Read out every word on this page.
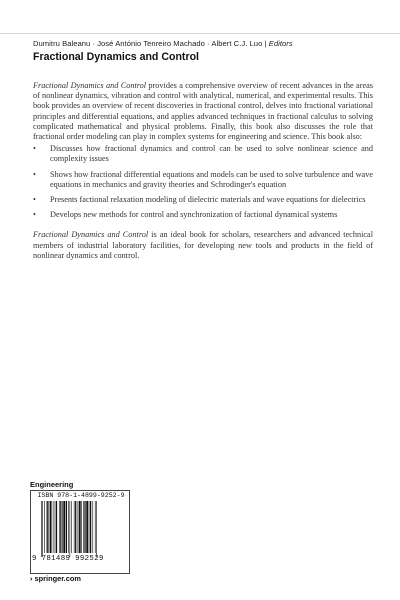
Dumitru Baleanu · José António Tenreiro Machado · Albert C.J. Luo | Editors
Fractional Dynamics and Control

Fractional Dynamics and Control provides a comprehensive overview of recent advances in the areas of nonlinear dynamics, vibration and control with analytical, numerical, and experimental results. This book provides an overview of recent discoveries in fractional control, delves into fractional variational principles and differential equations, and applies advanced techniques in fractional calculus to solving complicated mathematical and physical problems. Finally, this book also discusses the role that fractional order modeling can play in complex systems for engineering and science. This book also:

•	Discusses how fractional dynamics and control can be used to solve nonlinear science and complexity issues
•	Shows how fractional differential equations and models can be used to solve turbulence and wave equations in mechanics and gravity theories and Schrodinger's equation
•	Presents factional relaxation modeling of dielectric materials and wave equations for dielectrics
•	Develops new methods for control and synchronization of factional dynamical systems

Fractional Dynamics and Control is an ideal book for scholars, researchers and advanced technical members of industrial laboratory facilities, for developing new tools and products in the field of nonlinear dynamics and control.

Engineering
ISBN 978-1-4899-9252-9
9 781489 992529
› springer.com
